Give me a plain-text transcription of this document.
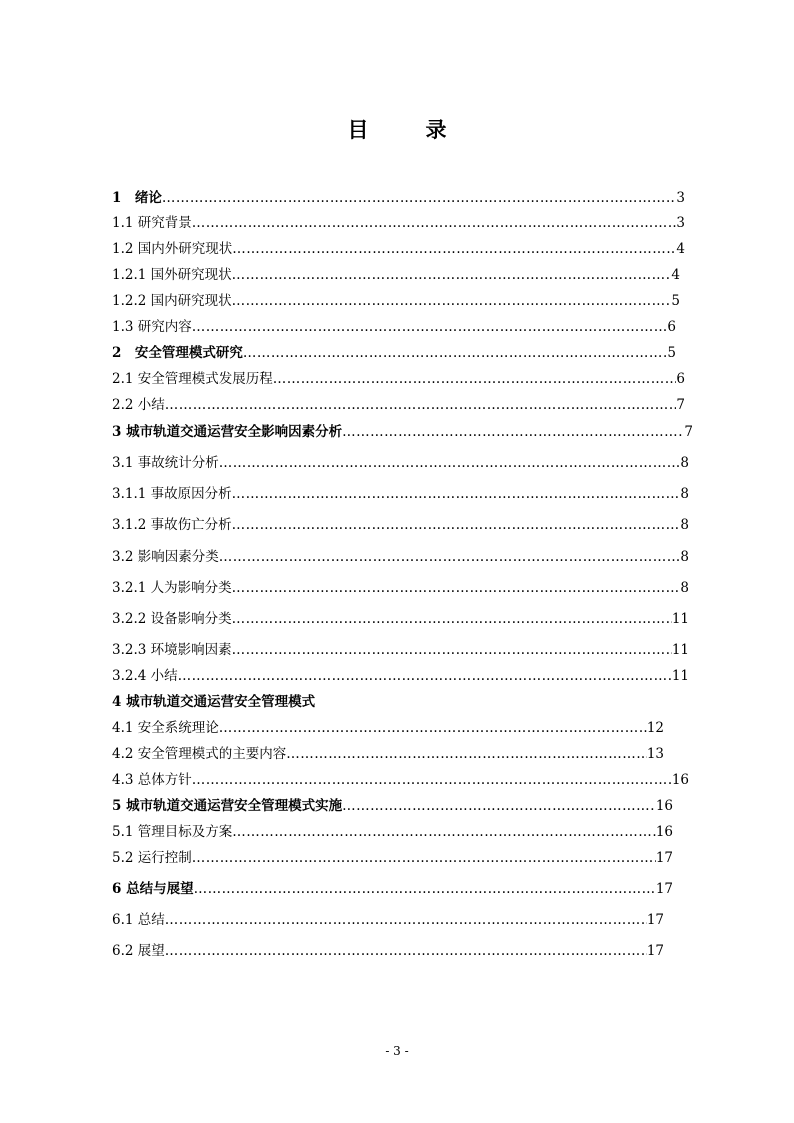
目　录
1　绪论 …………………………………………………………………………………………………………………………………………………………………………………………	3
1.1 研究背景 …………………………………………………………………………………………………………………………………………………………………………………………	3
1.2 国内外研究现状 …………………………………………………………………………………………………………………………………………………………………………………………	4
1.2.1 国外研究现状 …………………………………………………………………………………………………………………………………………………………………………………………	4
1.2.2 国内研究现状 …………………………………………………………………………………………………………………………………………………………………………………………	5
1.3 研究内容 …………………………………………………………………………………………………………………………………………………………………………………………	6
2　安全管理模式研究 …………………………………………………………………………………………………………………………………………………………………………………………	5
2.1 安全管理模式发展历程 …………………………………………………………………………………………………………………………………………………………………………………………	6
2.2 小结 …………………………………………………………………………………………………………………………………………………………………………………………	7
3 城市轨道交通运营安全影响因素分析 …………………………………………………………………………………………………………………………………………………………………………………………	7
3.1 事故统计分析 …………………………………………………………………………………………………………………………………………………………………………………………	8
3.1.1 事故原因分析 …………………………………………………………………………………………………………………………………………………………………………………………	8
3.1.2 事故伤亡分析 …………………………………………………………………………………………………………………………………………………………………………………………	8
3.2 影响因素分类 …………………………………………………………………………………………………………………………………………………………………………………………	8
3.2.1 人为影响分类 …………………………………………………………………………………………………………………………………………………………………………………………	8
3.2.2 设备影响分类 …………………………………………………………………………………………………………………………………………………………………………………………	11
3.2.3 环境影响因素 …………………………………………………………………………………………………………………………………………………………………………………………	11
3.2.4 小结 …………………………………………………………………………………………………………………………………………………………………………………………	11
4 城市轨道交通运营安全管理模式
4.1 安全系统理论 …………………………………………………………………………………………………………………………………………………………………………………………	12
4.2 安全管理模式的主要内容 …………………………………………………………………………………………………………………………………………………………………………………………	13
4.3 总体方针 …………………………………………………………………………………………………………………………………………………………………………………………	16
5 城市轨道交通运营安全管理模式实施 …………………………………………………………………………………………………………………………………………………………………………………………	16
5.1 管理目标及方案 …………………………………………………………………………………………………………………………………………………………………………………………	16
5.2 运行控制 …………………………………………………………………………………………………………………………………………………………………………………………	17
6 总结与展望 …………………………………………………………………………………………………………………………………………………………………………………………	17
6.1 总结 …………………………………………………………………………………………………………………………………………………………………………………………	17
6.2 展望 …………………………………………………………………………………………………………………………………………………………………………………………	17
- 3 -
